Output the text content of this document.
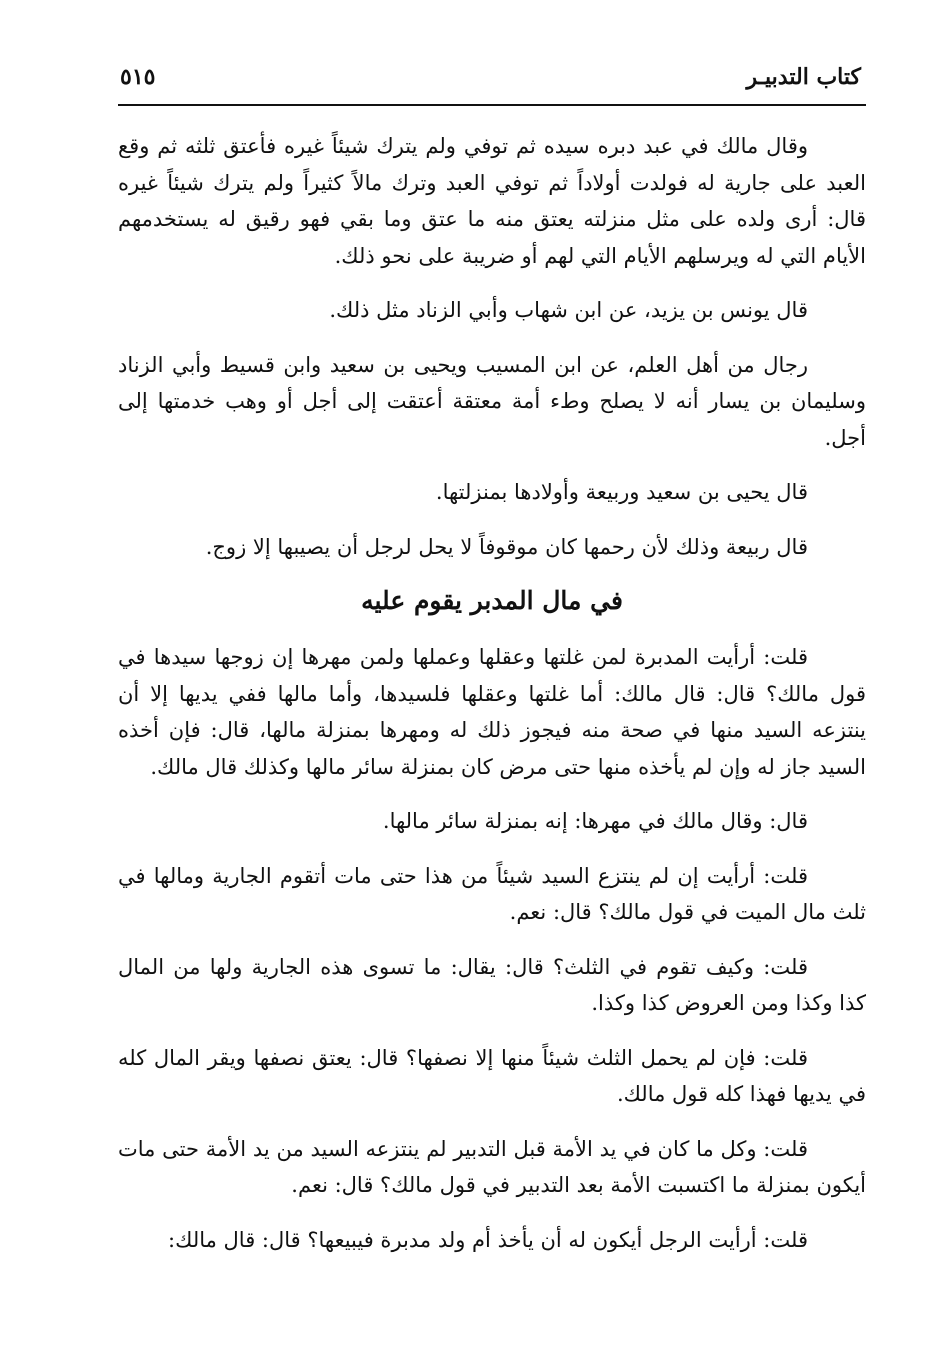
كتاب التدبيـر
٥١٥

وقال مالك في عبد دبره سيده ثم توفي ولم يترك شيئاً غيره فأعتق ثلثه ثم وقع العبد على جارية له فولدت أولاداً ثم توفي العبد وترك مالاً كثيراً ولم يترك شيئاً غيره قال: أرى ولده على مثل منزلته يعتق منه ما عتق وما بقي فهو رقيق له يستخدمهم الأيام التي له ويرسلهم الأيام التي لهم أو ضريبة على نحو ذلك.

قال يونس بن يزيد، عن ابن شهاب وأبي الزناد مثل ذلك.

رجال من أهل العلم، عن ابن المسيب ويحيى بن سعيد وابن قسيط وأبي الزناد وسليمان بن يسار أنه لا يصلح وطء أمة معتقة أعتقت إلى أجل أو وهب خدمتها إلى أجل.

قال يحيى بن سعيد وربيعة وأولادها بمنزلتها.

قال ربيعة وذلك لأن رحمها كان موقوفاً لا يحل لرجل أن يصيبها إلا زوج.

في مال المدبر يقوم عليه

قلت: أرأيت المدبرة لمن غلتها وعقلها وعملها ولمن مهرها إن زوجها سيدها في قول مالك؟ قال: قال مالك: أما غلتها وعقلها فلسيدها، وأما مالها ففي يديها إلا أن ينتزعه السيد منها في صحة منه فيجوز ذلك له ومهرها بمنزلة مالها، قال: فإن أخذه السيد جاز له وإن لم يأخذه منها حتى مرض كان بمنزلة سائر مالها وكذلك قال مالك.

قال: وقال مالك في مهرها: إنه بمنزلة سائر مالها.

قلت: أرأيت إن لم ينتزع السيد شيئاً من هذا حتى مات أتقوم الجارية ومالها في ثلث مال الميت في قول مالك؟ قال: نعم.

قلت: وكيف تقوم في الثلث؟ قال: يقال: ما تسوى هذه الجارية ولها من المال كذا وكذا ومن العروض كذا وكذا.

قلت: فإن لم يحمل الثلث شيئاً منها إلا نصفها؟ قال: يعتق نصفها ويقر المال كله في يديها فهذا كله قول مالك.

قلت: وكل ما كان في يد الأمة قبل التدبير لم ينتزعه السيد من يد الأمة حتى مات أيكون بمنزلة ما اكتسبت الأمة بعد التدبير في قول مالك؟ قال: نعم.

قلت: أرأيت الرجل أيكون له أن يأخذ أم ولد مدبرة فيبيعها؟ قال: قال مالك:
